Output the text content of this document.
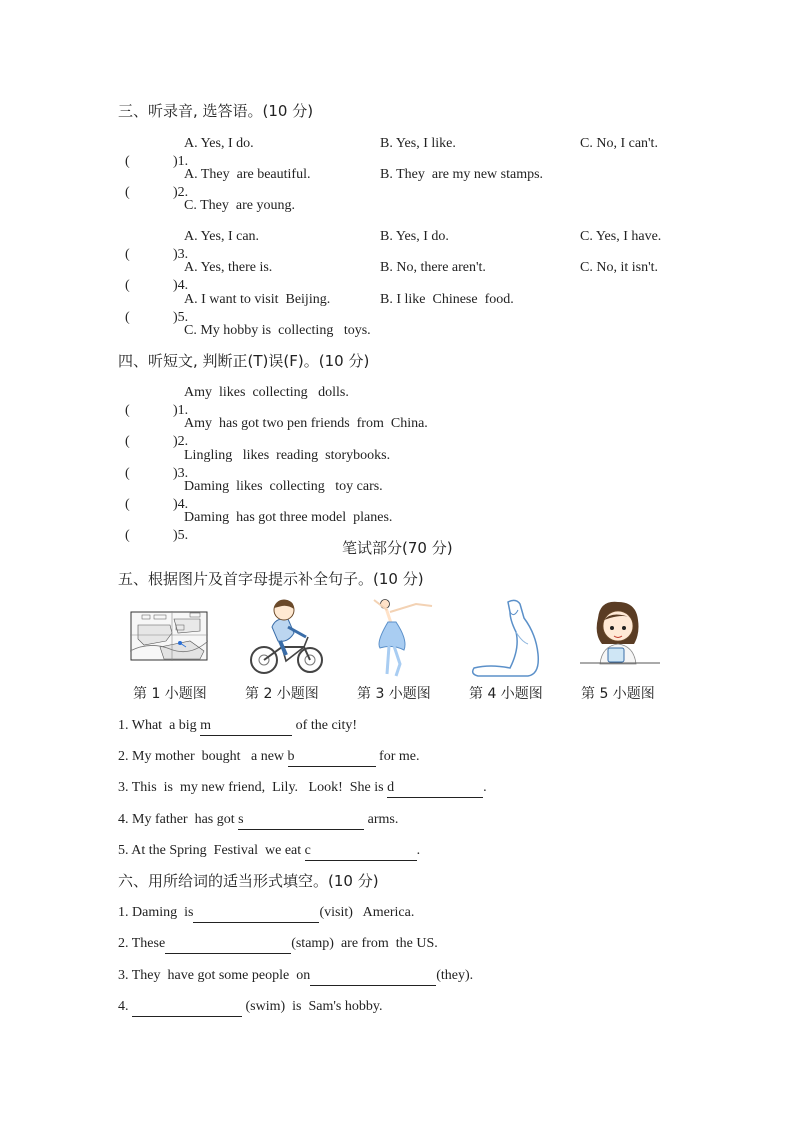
三、听录音, 选答语。(10 分)

(	)1.

A. Yes, I do.	B. Yes, I like.	C. No, I can't.

(	)2.

A. They  are beautiful.	B. They  are my new stamps.
C. They  are young.

(	)3.

A. Yes, I can.	B. Yes, I do.	C. Yes, I have.

(	)4.

A. Yes, there is.	B. No, there aren't.	C. No, it isn't.

(	)5.

A. I want to visit  Beijing.	B. I like  Chinese  food.
C. My hobby is  collecting   toys.
四、听短文, 判断正(T)误(F)。(10 分)

(	)1.

Amy  likes  collecting   dolls.

(	)2.

Amy  has got two pen friends  from  China.

(	)3.

Lingling   likes  reading  storybooks.

(	)4.

Daming  likes  collecting   toy cars.

(	)5.

Daming  has got three model  planes.
笔试部分(70 分)
五、根据图片及首字母提示补全句子。(10 分)
第 1 小题图	第 2 小题图	第 3 小题图	第 4 小题图	第 5 小题图
1. What  a big m	of the city!
2. My mother  bought   a new b	for me.
3. This  is  my new friend,  Lily.   Look!  She is d	.
4. My father  has got s	arms.
5. At the Spring  Festival  we eat c	.
六、用所给词的适当形式填空。(10 分)
1. Daming  is	(visit)   America.
2. These	(stamp)  are from  the US.
3. They  have got some people  on	(they).
4.	(swim)  is  Sam's hobby.
